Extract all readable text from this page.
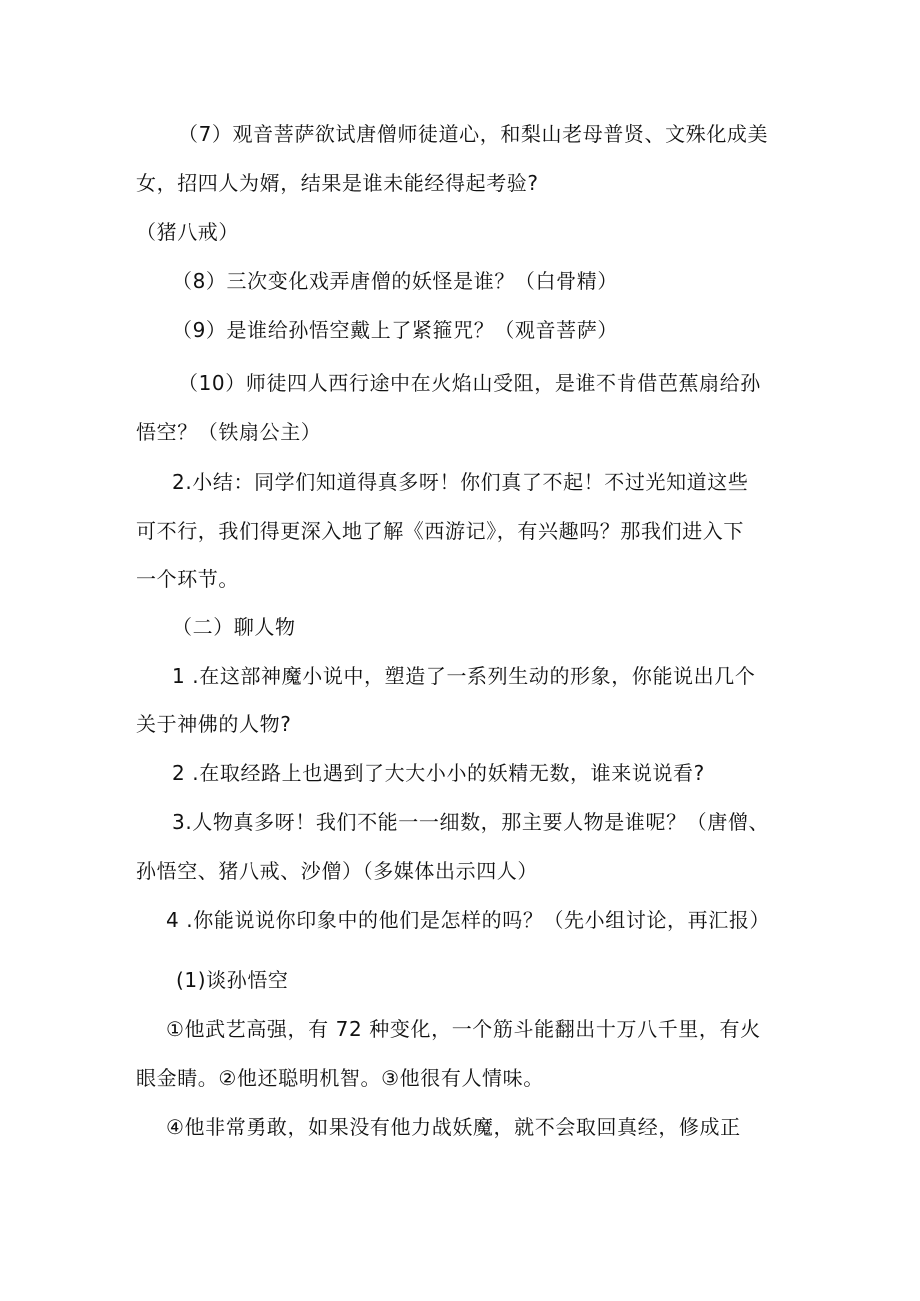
（7）观音菩萨欲试唐僧师徒道心，和梨山老母普贤、文殊化成美
女，招四人为婿，结果是谁未能经得起考验?
（猪八戒）
（8）三次变化戏弄唐僧的妖怪是谁？（白骨精）
（9）是谁给孙悟空戴上了紧箍咒？（观音菩萨）
（10）师徒四人西行途中在火焰山受阻，是谁不肯借芭蕉扇给孙
悟空？（铁扇公主）
2.小结：同学们知道得真多呀！你们真了不起！不过光知道这些
可不行，我们得更深入地了解《西游记》，有兴趣吗？那我们进入下
一个环节。
（二）聊人物
1 .在这部神魔小说中，塑造了一系列生动的形象，你能说出几个
关于神佛的人物?
2 .在取经路上也遇到了大大小小的妖精无数，谁来说说看?
3.人物真多呀！我们不能一一细数，那主要人物是谁呢？（唐僧、
孙悟空、猪八戒、沙僧）（多媒体出示四人）
4 .你能说说你印象中的他们是怎样的吗？（先小组讨论，再汇报）
(1)谈孙悟空
①他武艺高强，有 72 种变化，一个筋斗能翻出十万八千里，有火
眼金睛。②他还聪明机智。③他很有人情味。
④他非常勇敢，如果没有他力战妖魔，就不会取回真经，修成正
